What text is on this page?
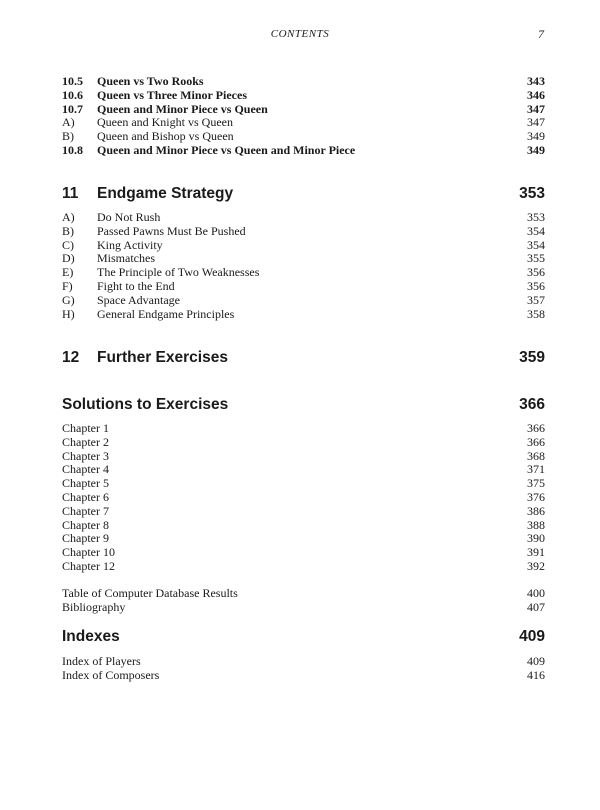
CONTENTS	7
10.5 Queen vs Two Rooks	343
10.6 Queen vs Three Minor Pieces	346
10.7 Queen and Minor Piece vs Queen	347
A) Queen and Knight vs Queen	347
B) Queen and Bishop vs Queen	349
10.8 Queen and Minor Piece vs Queen and Minor Piece	349
11 Endgame Strategy	353
A) Do Not Rush	353
B) Passed Pawns Must Be Pushed	354
C) King Activity	354
D) Mismatches	355
E) The Principle of Two Weaknesses	356
F) Fight to the End	356
G) Space Advantage	357
H) General Endgame Principles	358
12 Further Exercises	359
Solutions to Exercises	366
Chapter 1	366
Chapter 2	366
Chapter 3	368
Chapter 4	371
Chapter 5	375
Chapter 6	376
Chapter 7	386
Chapter 8	388
Chapter 9	390
Chapter 10	391
Chapter 12	392
Table of Computer Database Results	400
Bibliography	407
Indexes	409
Index of Players	409
Index of Composers	416
